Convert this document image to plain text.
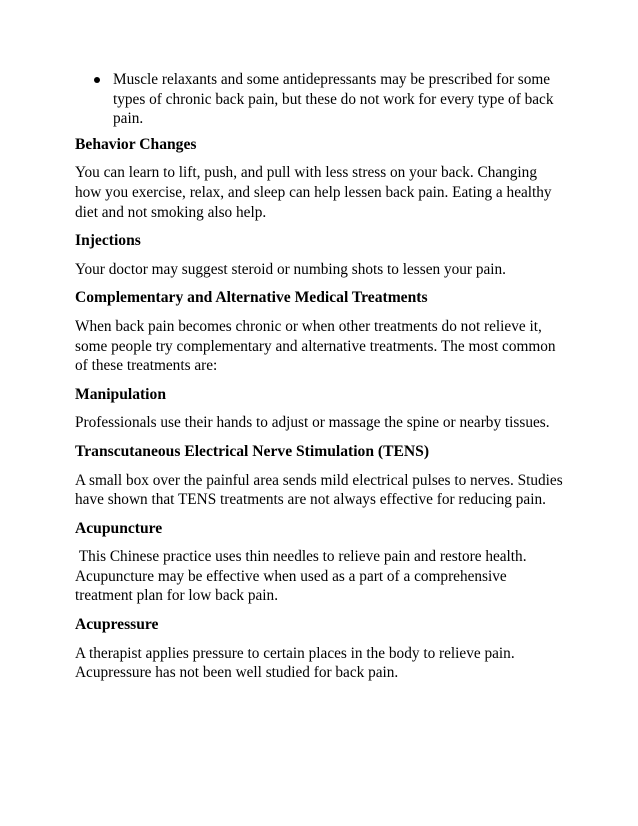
Muscle relaxants and some antidepressants may be prescribed for some types of chronic back pain, but these do not work for every type of back pain.
Behavior Changes
You can learn to lift, push, and pull with less stress on your back. Changing how you exercise, relax, and sleep can help lessen back pain. Eating a healthy diet and not smoking also help.
Injections
Your doctor may suggest steroid or numbing shots to lessen your pain.
Complementary and Alternative Medical Treatments
When back pain becomes chronic or when other treatments do not relieve it, some people try complementary and alternative treatments. The most common of these treatments are:
Manipulation
Professionals use their hands to adjust or massage the spine or nearby tissues.
Transcutaneous Electrical Nerve Stimulation (TENS)
A small box over the painful area sends mild electrical pulses to nerves. Studies have shown that TENS treatments are not always effective for reducing pain.
Acupuncture
This Chinese practice uses thin needles to relieve pain and restore health. Acupuncture may be effective when used as a part of a comprehensive treatment plan for low back pain.
Acupressure
A therapist applies pressure to certain places in the body to relieve pain. Acupressure has not been well studied for back pain.
